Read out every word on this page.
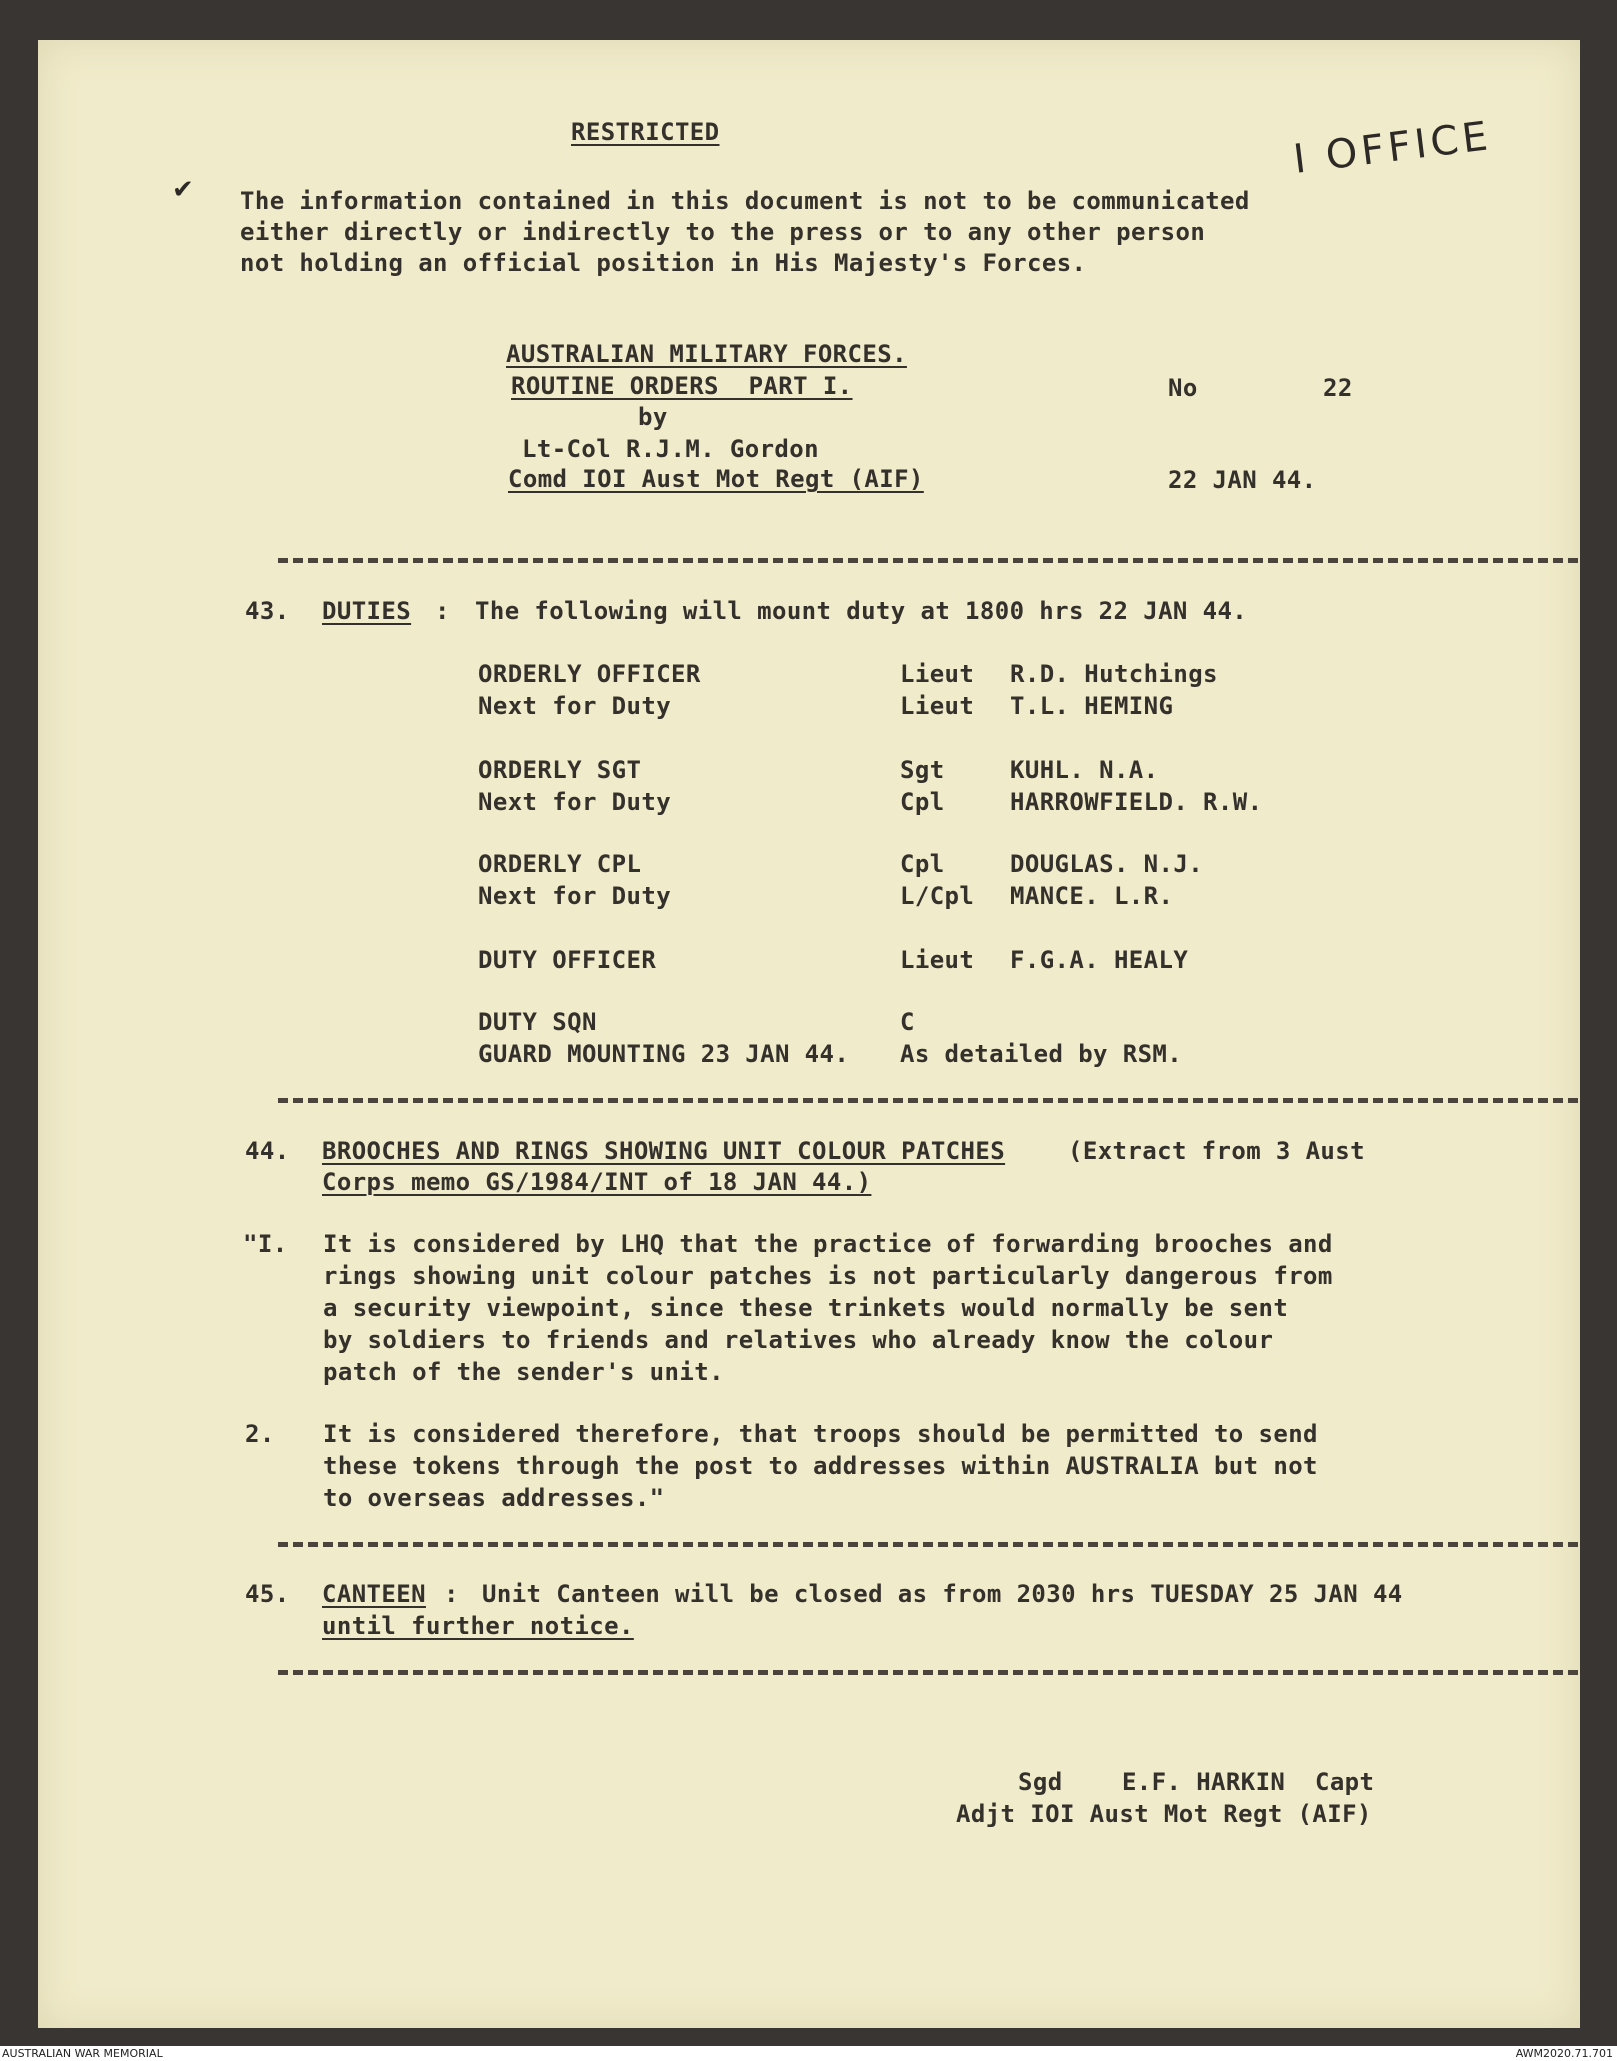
I OFFICE
✔
RESTRICTED
The information contained in this document is not to be communicated
either directly or indirectly to the press or to any other person
not holding an official position in His Majesty's Forces.
AUSTRALIAN MILITARY FORCES.
ROUTINE ORDERS  PART I.
by
Lt-Col R.J.M. Gordon
Comd IOI Aust Mot Regt (AIF)
No	22
22 JAN 44.
43. DUTIES : The following will mount duty at 1800 hrs 22 JAN 44.
ORDERLY OFFICER	Lieut R.D. Hutchings
Next for Duty	Lieut T.L. HEMING
ORDERLY SGT	Sgt	KUHL. N.A.
Next for Duty	Cpl	HARROWFIELD. R.W.
ORDERLY CPL	Cpl	DOUGLAS. N.J.
Next for Duty	L/Cpl MANCE. L.R.
DUTY OFFICER	Lieut F.G.A. HEALY
DUTY SQN	C
GUARD MOUNTING 23 JAN 44. As detailed by RSM.
44. BROOCHES AND RINGS SHOWING UNIT COLOUR PATCHES	(Extract from 3 Aust
Corps memo GS/1984/INT of 18 JAN 44.)
"I. It is considered by LHQ that the practice of forwarding brooches and
rings showing unit colour patches is not particularly dangerous from
a security viewpoint, since these trinkets would normally be sent
by soldiers to friends and relatives who already know the colour
patch of the sender's unit.
2. It is considered therefore, that troops should be permitted to send
these tokens through the post to addresses within AUSTRALIA but not
to overseas addresses."
45. CANTEEN : Unit Canteen will be closed as from 2030 hrs TUESDAY 25 JAN 44
until further notice.
Sgd    E.F. HARKIN  Capt
Adjt IOI Aust Mot Regt (AIF)
AUSTRALIAN WAR MEMORIAL	AWM2020.71.701
